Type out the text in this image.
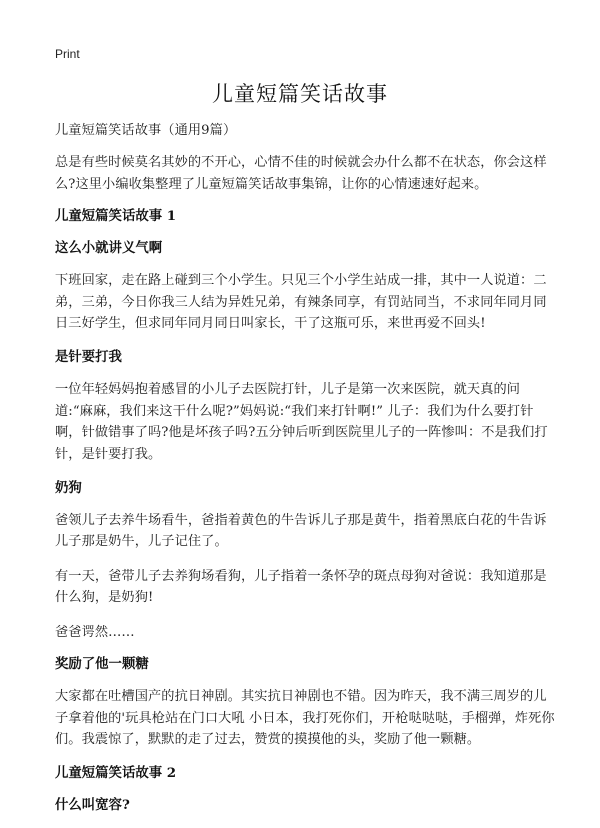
Print
儿童短篇笑话故事

儿童短篇笑话故事（通用9篇）

总是有些时候莫名其妙的不开心，心情不佳的时候就会办什么都不在状态，你会这样么?这里小编收集整理了儿童短篇笑话故事集锦，让你的心情速速好起来。

儿童短篇笑话故事 1
这么小就讲义气啊

下班回家，走在路上碰到三个小学生。只见三个小学生站成一排，其中一人说道：二弟，三弟，今日你我三人结为异姓兄弟，有辣条同享，有罚站同当，不求同年同月同日三好学生，但求同年同月同日叫家长，干了这瓶可乐，来世再爱不回头!

是针要打我

一位年轻妈妈抱着感冒的小儿子去医院打针，儿子是第一次来医院，就天真的问道:“麻麻，我们来这干什么呢?”妈妈说:“我们来打针啊!” 儿子：我们为什么要打针啊，针做错事了吗?他是坏孩子吗?五分钟后听到医院里儿子的一阵惨叫：不是我们打针，是针要打我。

奶狗

爸领儿子去养牛场看牛，爸指着黄色的牛告诉儿子那是黄牛，指着黑底白花的牛告诉儿子那是奶牛，儿子记住了。

有一天，爸带儿子去养狗场看狗，儿子指着一条怀孕的斑点母狗对爸说：我知道那是什么狗，是奶狗!

爸爸谔然……

奖励了他一颗糖

大家都在吐槽国产的抗日神剧。其实抗日神剧也不错。因为昨天，我不满三周岁的儿子拿着他的'玩具枪站在门口大吼 小日本，我打死你们，开枪哒哒哒，手榴弹，炸死你们。我震惊了，默默的走了过去，赞赏的摸摸他的头，奖励了他一颗糖。

儿童短篇笑话故事 2
什么叫宽容?
